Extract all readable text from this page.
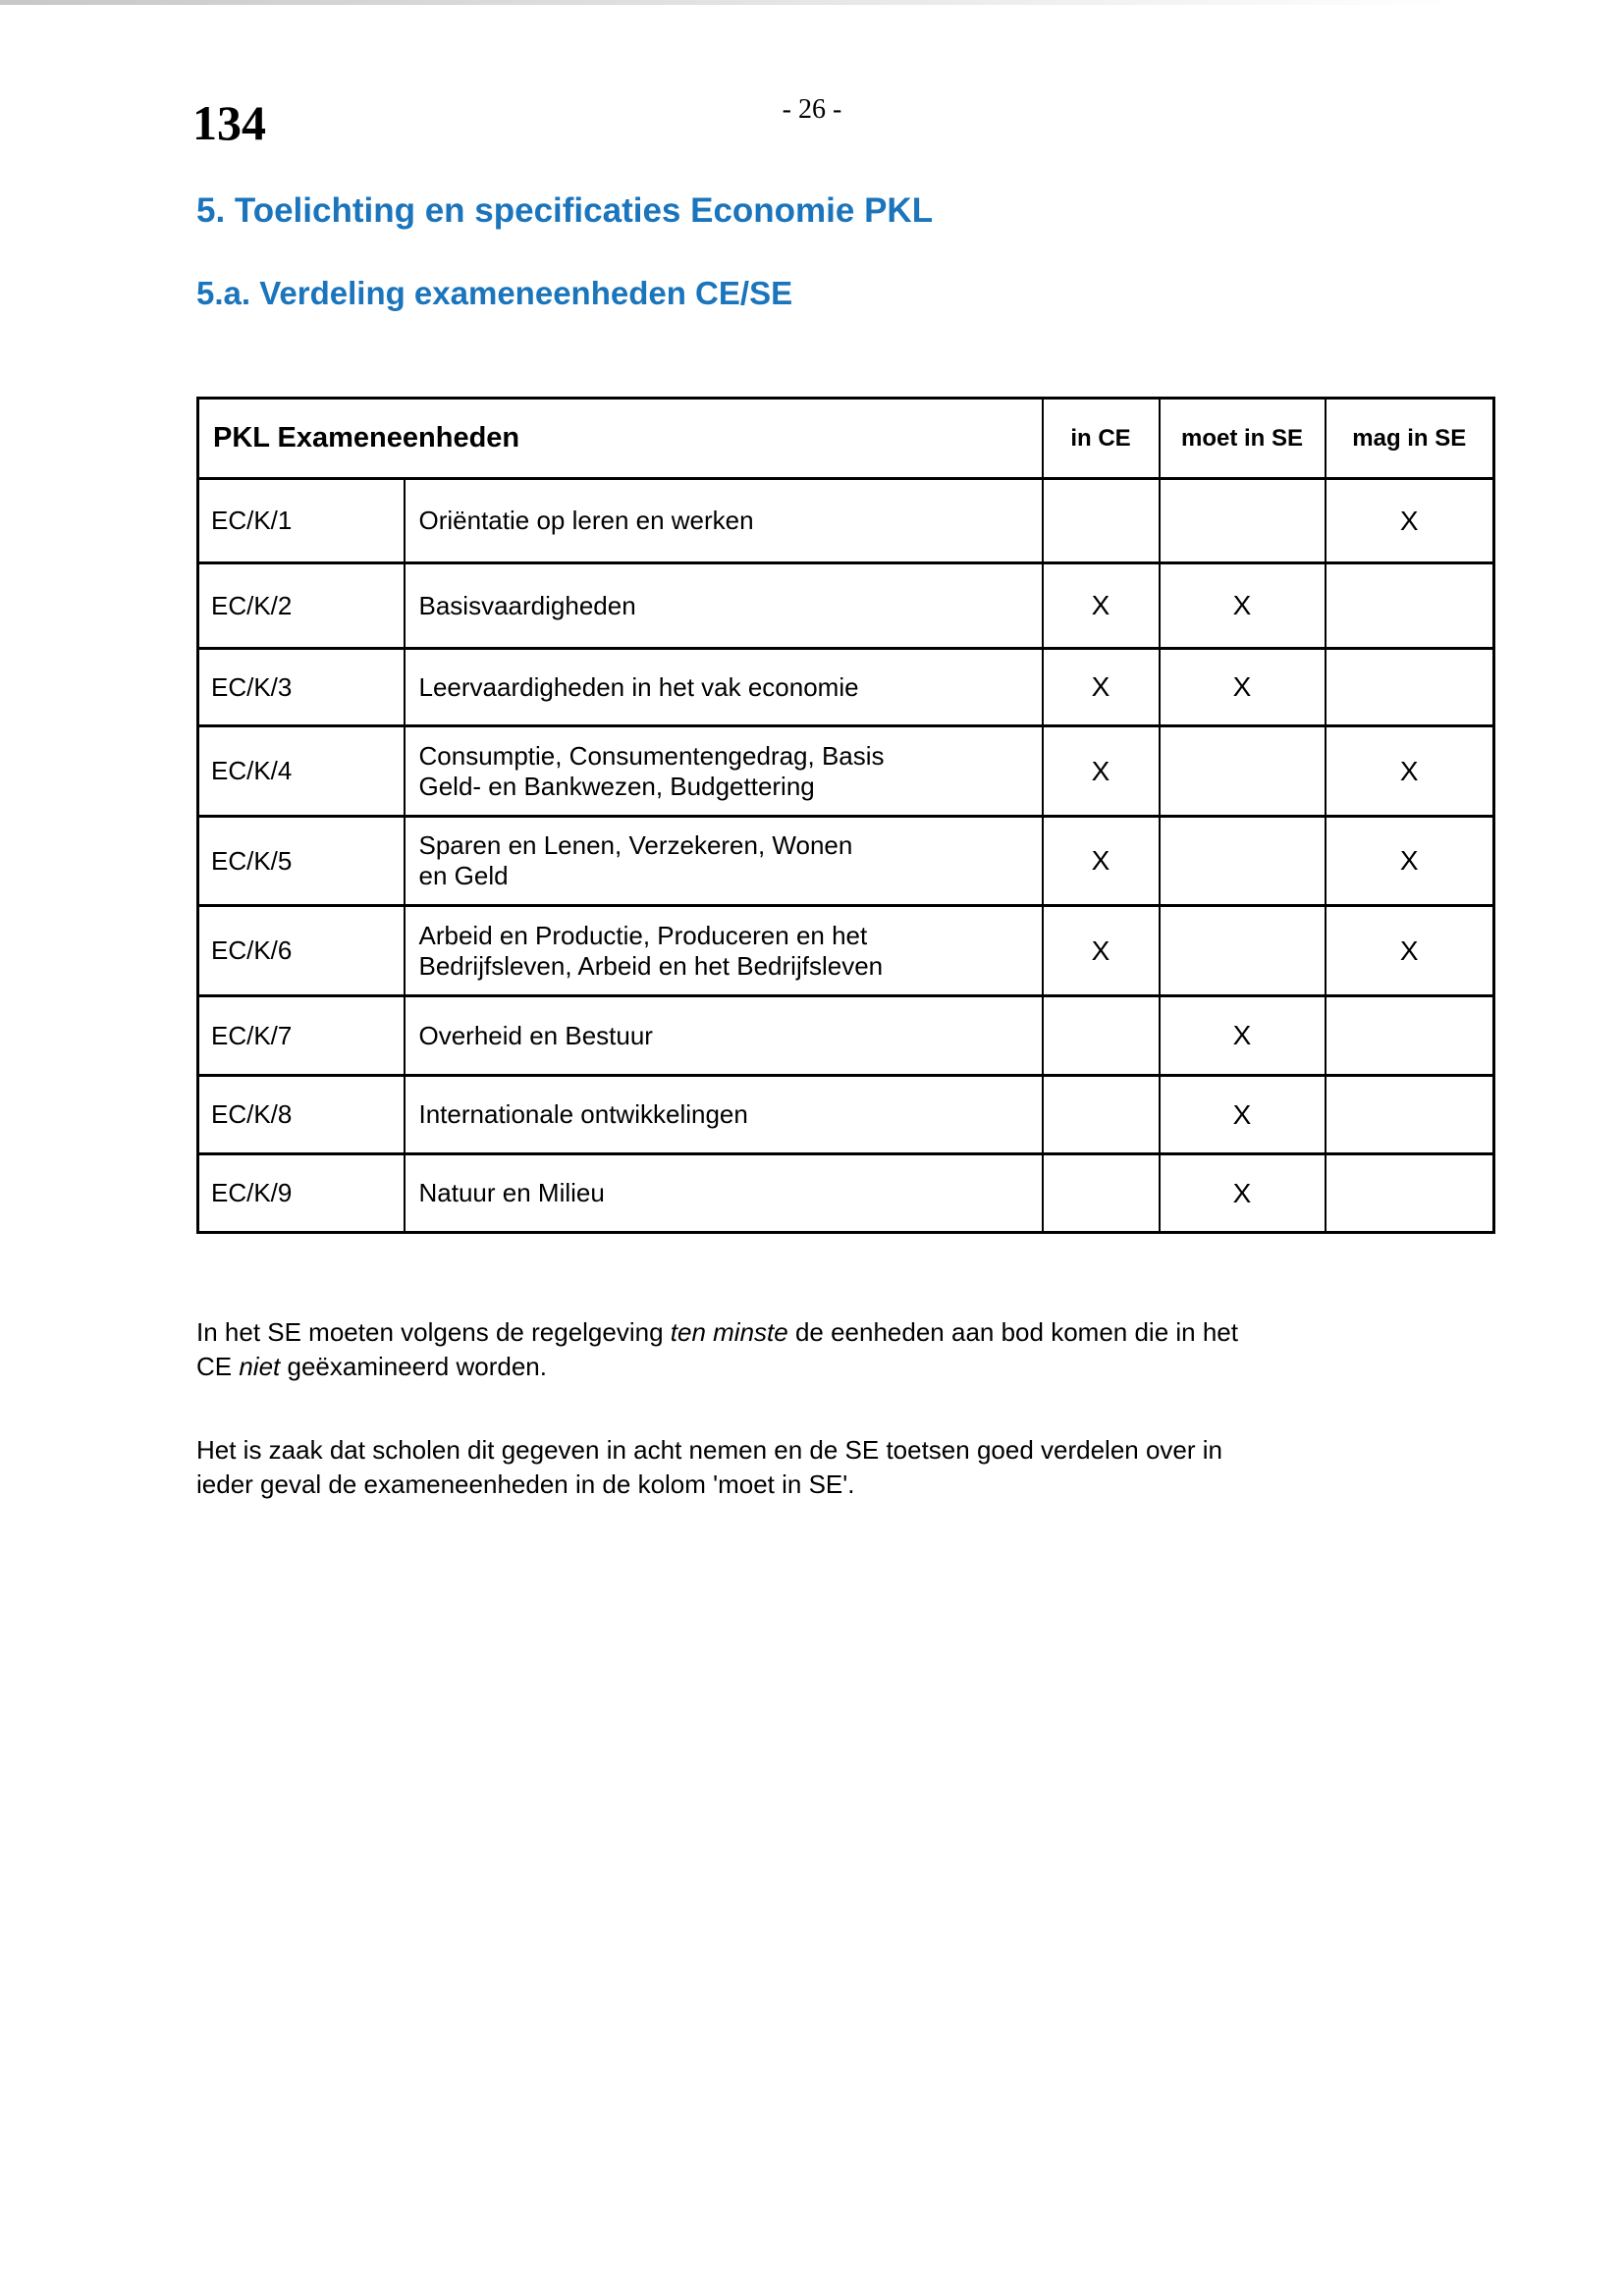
134	- 26 -
5. Toelichting en specificaties Economie PKL
5.a. Verdeling exameneenheden CE/SE
PKL Exameneenheden		in CE	moet in SE	mag in SE
EC/K/1	Oriëntatie op leren en werken			X
EC/K/2	Basisvaardigheden	X	X	
EC/K/3	Leervaardigheden in het vak economie	X	X	
EC/K/4	Consumptie, Consumentengedrag, Basis
Geld- en Bankwezen, Budgettering	X		X
EC/K/5	Sparen en Lenen, Verzekeren, Wonen
en Geld	X		X
EC/K/6	Arbeid en Productie, Produceren en het
Bedrijfsleven, Arbeid en het Bedrijfsleven	X		X
EC/K/7	Overheid en Bestuur		X	
EC/K/8	Internationale ontwikkelingen		X	
EC/K/9	Natuur en Milieu		X	
In het SE moeten volgens de regelgeving ten minste de eenheden aan bod komen die in het
CE niet geëxamineerd worden.
Het is zaak dat scholen dit gegeven in acht nemen en de SE toetsen goed verdelen over in
ieder geval de exameneenheden in de kolom 'moet in SE'.
